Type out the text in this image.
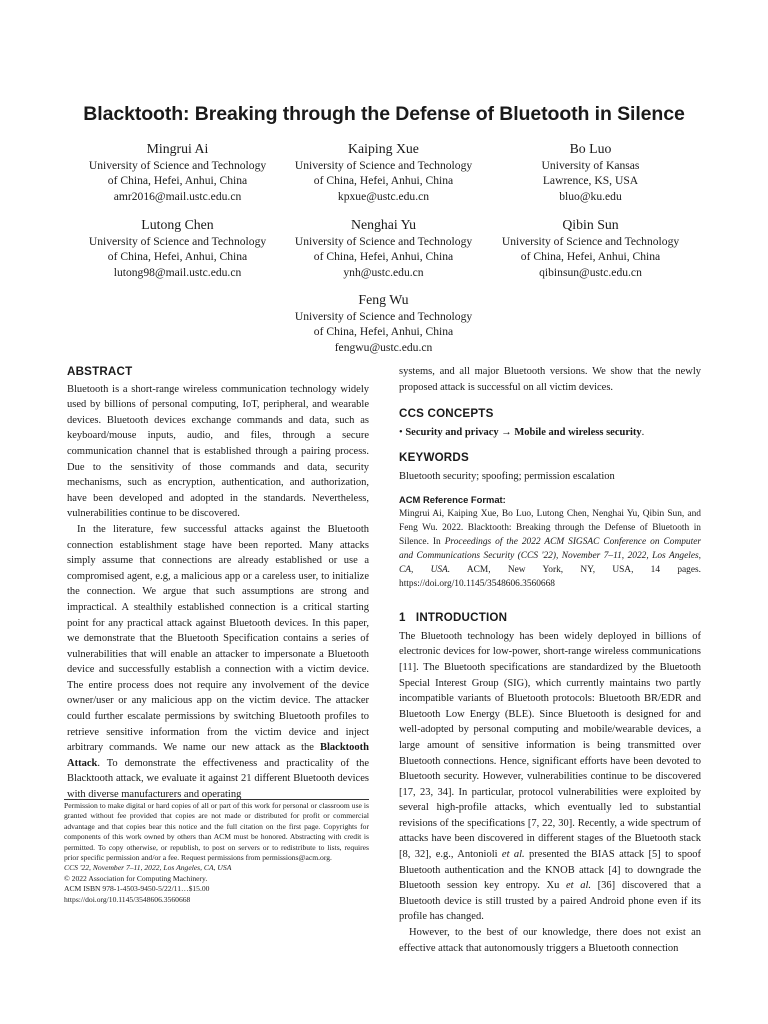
Blacktooth: Breaking through the Defense of Bluetooth in Silence
Mingrui Ai
University of Science and Technology
of China, Hefei, Anhui, China
amr2016@mail.ustc.edu.cn
Kaiping Xue
University of Science and Technology
of China, Hefei, Anhui, China
kpxue@ustc.edu.cn
Bo Luo
University of Kansas
Lawrence, KS, USA
bluo@ku.edu
Lutong Chen
University of Science and Technology
of China, Hefei, Anhui, China
lutong98@mail.ustc.edu.cn
Nenghai Yu
University of Science and Technology
of China, Hefei, Anhui, China
ynh@ustc.edu.cn
Qibin Sun
University of Science and Technology
of China, Hefei, Anhui, China
qibinsun@ustc.edu.cn
Feng Wu
University of Science and Technology
of China, Hefei, Anhui, China
fengwu@ustc.edu.cn
ABSTRACT

Bluetooth is a short-range wireless communication technology widely used by billions of personal computing, IoT, peripheral, and wearable devices. Bluetooth devices exchange commands and data, such as keyboard/mouse inputs, audio, and files, through a secure communication channel that is established through a pairing process. Due to the sensitivity of those commands and data, security mechanisms, such as encryption, authentication, and authorization, have been developed and adopted in the standards. Nevertheless, vulnerabilities continue to be discovered.

In the literature, few successful attacks against the Bluetooth connection establishment stage have been reported. Many attacks simply assume that connections are already established or use a compromised agent, e.g, a malicious app or a careless user, to initialize the connection. We argue that such assumptions are strong and impractical. A stealthily established connection is a critical starting point for any practical attack against Bluetooth devices. In this paper, we demonstrate that the Bluetooth Specification contains a series of vulnerabilities that will enable an attacker to impersonate a Bluetooth device and successfully establish a connection with a victim device. The entire process does not require any involvement of the device owner/user or any malicious app on the victim device. The attacker could further escalate permissions by switching Bluetooth profiles to retrieve sensitive information from the victim device and inject arbitrary commands. We name our new attack as the Blacktooth Attack. To demonstrate the effectiveness and practicality of the Blacktooth attack, we evaluate it against 21 different Bluetooth devices with diverse manufacturers and operating

Permission to make digital or hard copies of all or part of this work for personal or classroom use is granted without fee provided that copies are not made or distributed for profit or commercial advantage and that copies bear this notice and the full citation on the first page. Copyrights for components of this work owned by others than ACM must be honored. Abstracting with credit is permitted. To copy otherwise, or republish, to post on servers or to redistribute to lists, requires prior specific permission and/or a fee. Request permissions from permissions@acm.org.

CCS '22, November 7–11, 2022, Los Angeles, CA, USA

© 2022 Association for Computing Machinery.

ACM ISBN 978-1-4503-9450-5/22/11…$15.00

https://doi.org/10.1145/3548606.3560668

systems, and all major Bluetooth versions. We show that the newly proposed attack is successful on all victim devices.

CCS CONCEPTS

• Security and privacy → Mobile and wireless security.

KEYWORDS

Bluetooth security; spoofing; permission escalation

ACM Reference Format:

Mingrui Ai, Kaiping Xue, Bo Luo, Lutong Chen, Nenghai Yu, Qibin Sun, and Feng Wu. 2022. Blacktooth: Breaking through the Defense of Bluetooth in Silence. In Proceedings of the 2022 ACM SIGSAC Conference on Computer and Communications Security (CCS '22), November 7–11, 2022, Los Angeles, CA, USA. ACM, New York, NY, USA, 14 pages. https://doi.org/10.1145/3548606.3560668

1   INTRODUCTION

The Bluetooth technology has been widely deployed in billions of electronic devices for low-power, short-range wireless communications [11]. The Bluetooth specifications are standardized by the Bluetooth Special Interest Group (SIG), which currently maintains two partly incompatible variants of Bluetooth protocols: Bluetooth BR/EDR and Bluetooth Low Energy (BLE). Since Bluetooth is designed for and well-adopted by personal computing and mobile/wearable devices, a large amount of sensitive information is being transmitted over Bluetooth connections. Hence, significant efforts have been devoted to Bluetooth security. However, vulnerabilities continue to be discovered [17, 23, 34]. In particular, protocol vulnerabilities were exploited by several high-profile attacks, which eventually led to substantial revisions of the specifications [7, 22, 30]. Recently, a wide spectrum of attacks have been discovered in different stages of the Bluetooth stack [8, 32], e.g., Antonioli et al. presented the BIAS attack [5] to spoof Bluetooth authentication and the KNOB attack [4] to downgrade the Bluetooth session key entropy. Xu et al. [36] discovered that a Bluetooth device is still trusted by a paired Android phone even if its profile has changed.

However, to the best of our knowledge, there does not exist an effective attack that autonomously triggers a Bluetooth connection
